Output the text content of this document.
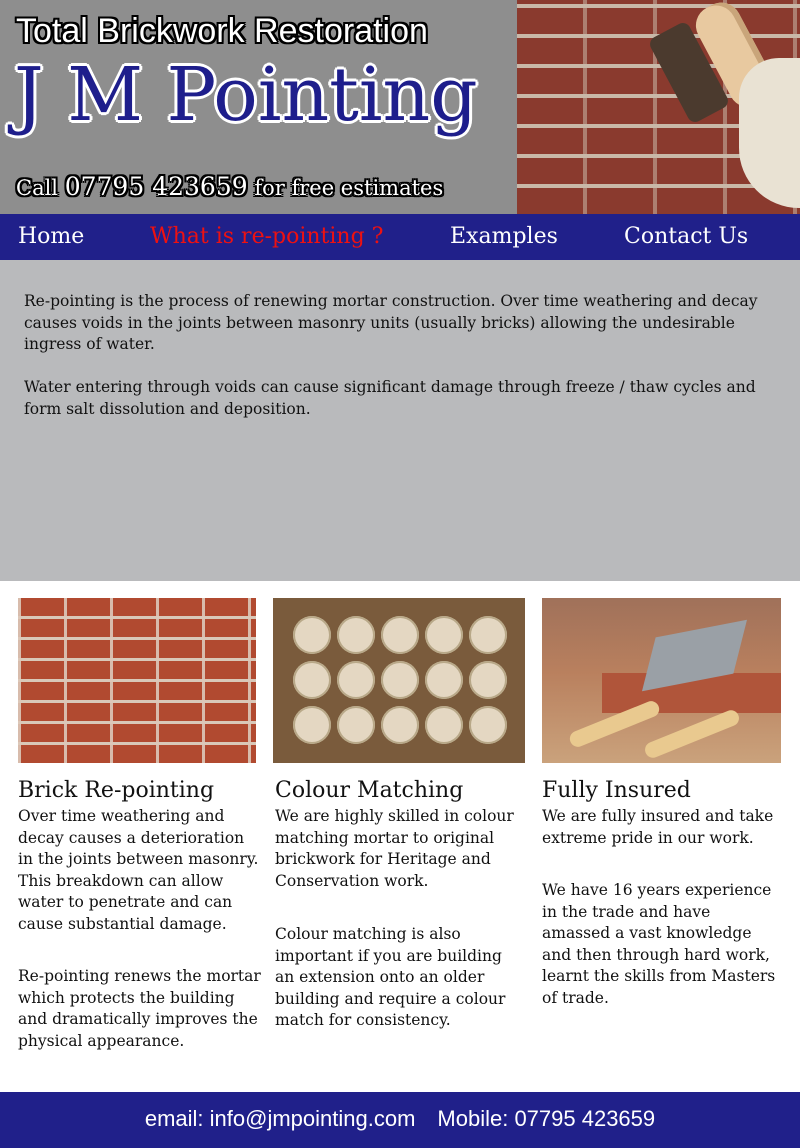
Total Brickwork Restoration
J M Pointing
Call 07795 423659 for free estimates
Home	What is re-pointing ?	Examples	Contact Us

Re-pointing is the process of renewing mortar construction. Over time weathering and decay causes voids in the joints between masonry units (usually bricks) allowing the undesirable ingress of water.

Water entering through voids can cause significant damage through freeze / thaw cycles and form salt dissolution and deposition.

Brick Re-pointing

Over time weathering and decay causes a deterioration in the joints between masonry. This breakdown can allow water to penetrate and can cause substantial damage.

Re-pointing renews the mortar which protects the building and dramatically improves the physical appearance.

Colour Matching

We are highly skilled in colour matching mortar to original brickwork for Heritage and Conservation work.

Colour matching is also important if you are building an extension onto an older building and require a colour match for consistency.

Fully Insured

We are fully insured and take extreme pride in our work.

We have 16 years experience in the trade and have amassed a vast knowledge and then through hard work, learnt the skills from Masters of trade.

email: info@jmpointing.com Mobile: 07795 423659
